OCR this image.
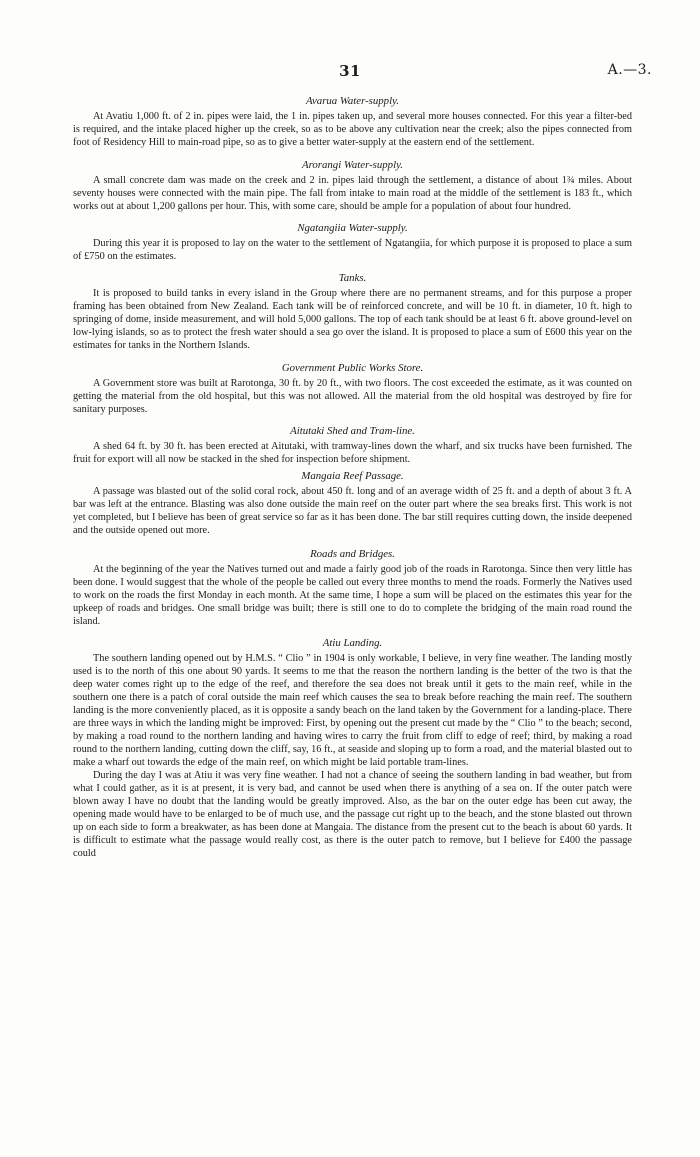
31	A.—3.
Avarua Water-supply.

At Avatiu 1,000 ft. of 2 in. pipes were laid, the 1 in. pipes taken up, and several more houses connected. For this year a filter-bed is required, and the intake placed higher up the creek, so as to be above any cultivation near the creek; also the pipes connected from foot of Residency Hill to main-road pipe, so as to give a better water-supply at the eastern end of the settlement.

Arorangi Water-supply.

A small concrete dam was made on the creek and 2 in. pipes laid through the settlement, a distance of about 1¾ miles. About seventy houses were connected with the main pipe. The fall from intake to main road at the middle of the settlement is 183 ft., which works out at about 1,200 gallons per hour. This, with some care, should be ample for a population of about four hundred.

Ngatangiia Water-supply.

During this year it is proposed to lay on the water to the settlement of Ngatangiia, for which purpose it is proposed to place a sum of £750 on the estimates.

Tanks.

It is proposed to build tanks in every island in the Group where there are no permanent streams, and for this purpose a proper framing has been obtained from New Zealand. Each tank will be of reinforced concrete, and will be 10 ft. in diameter, 10 ft. high to springing of dome, inside measurement, and will hold 5,000 gallons. The top of each tank should be at least 6 ft. above ground-level on low-lying islands, so as to protect the fresh water should a sea go over the island. It is proposed to place a sum of £600 this year on the estimates for tanks in the Northern Islands.

Government Public Works Store.

A Government store was built at Rarotonga, 30 ft. by 20 ft., with two floors. The cost exceeded the estimate, as it was counted on getting the material from the old hospital, but this was not allowed. All the material from the old hospital was destroyed by fire for sanitary purposes.

Aitutaki Shed and Tram-line.

A shed 64 ft. by 30 ft. has been erected at Aitutaki, with tramway-lines down the wharf, and six trucks have been furnished. The fruit for export will all now be stacked in the shed for inspection before shipment.

Mangaia Reef Passage.

A passage was blasted out of the solid coral rock, about 450 ft. long and of an average width of 25 ft. and a depth of about 3 ft. A bar was left at the entrance. Blasting was also done outside the main reef on the outer part where the sea breaks first. This work is not yet completed, but I believe has been of great service so far as it has been done. The bar still requires cutting down, the inside deepened and the outside opened out more.

Roads and Bridges.

At the beginning of the year the Natives turned out and made a fairly good job of the roads in Rarotonga. Since then very little has been done. I would suggest that the whole of the people be called out every three months to mend the roads. Formerly the Natives used to work on the roads the first Monday in each month. At the same time, I hope a sum will be placed on the estimates this year for the upkeep of roads and bridges. One small bridge was built; there is still one to do to complete the bridging of the main road round the island.

Atiu Landing.

The southern landing opened out by H.M.S. “ Clio ” in 1904 is only workable, I believe, in very fine weather. The landing mostly used is to the north of this one about 90 yards. It seems to me that the reason the northern landing is the better of the two is that the deep water comes right up to the edge of the reef, and therefore the sea does not break until it gets to the main reef, while in the southern one there is a patch of coral outside the main reef which causes the sea to break before reaching the main reef. The southern landing is the more conveniently placed, as it is opposite a sandy beach on the land taken by the Government for a landing-place. There are three ways in which the landing might be improved: First, by opening out the present cut made by the “ Clio ” to the beach; second, by making a road round to the northern landing and having wires to carry the fruit from cliff to edge of reef; third, by making a road round to the northern landing, cutting down the cliff, say, 16 ft., at seaside and sloping up to form a road, and the material blasted out to make a wharf out towards the edge of the main reef, on which might be laid portable tram-lines.

During the day I was at Atiu it was very fine weather. I had not a chance of seeing the southern landing in bad weather, but from what I could gather, as it is at present, it is very bad, and cannot be used when there is anything of a sea on. If the outer patch were blown away I have no doubt that the landing would be greatly improved. Also, as the bar on the outer edge has been cut away, the opening made would have to be enlarged to be of much use, and the passage cut right up to the beach, and the stone blasted out thrown up on each side to form a breakwater, as has been done at Mangaia. The distance from the present cut to the beach is about 60 yards. It is difficult to estimate what the passage would really cost, as there is the outer patch to remove, but I believe for £400 the passage could
